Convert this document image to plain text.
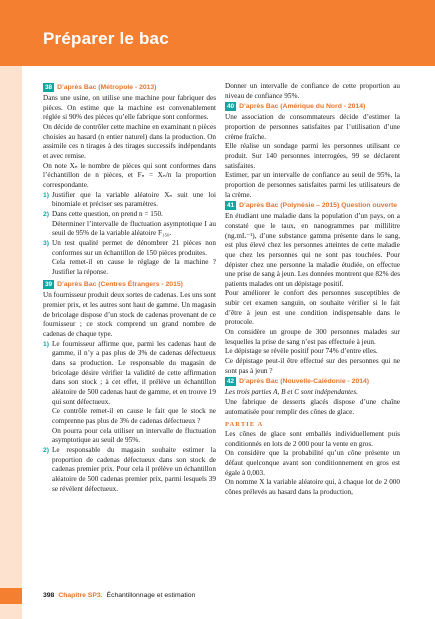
Préparer le bac
38 D’après Bac (Métropole - 2013)
Dans une usine, on utilise une machine pour fabriquer des pièces. On estime que la machine est convenablement réglée si 90% des pièces qu’elle fabrique sont conformes.
On décide de contrôler cette machine en examinant n pièces choisies au hasard (n entier naturel) dans la production. On assimile ces n tirages à des tirages successifs indépendants et avec remise.
On note Xₙ le nombre de pièces qui sont conformes dans l’échantillon de n pièces, et Fₙ = Xₙ/n la proportion correspondante.
1) Justifier que la variable aléatoire Xₙ suit une loi binomiale et préciser ses paramètres.
2) Dans cette question, on prend n = 150.
Déterminer l’intervalle de fluctuation asymptotique I au seuil de 95% de la variable aléatoire F₁₅₀.
3) Un test qualité permet de dénombrer 21 pièces non conformes sur un échantillon de 150 pièces produites.
Cela remet-il en cause le réglage de la machine ? Justifier la réponse.
39 D’après Bac (Centres Étrangers - 2015)
Un fournisseur produit deux sortes de cadenas. Les uns sont premier prix, et les autres sont haut de gamme. Un magasin de bricolage dispose d’un stock de cadenas provenant de ce fournisseur ; ce stock comprend un grand nombre de cadenas de chaque type.
1) Le fournisseur affirme que, parmi les cadenas haut de gamme, il n’y a pas plus de 3% de cadenas défectueux dans sa production. Le responsable du magasin de bricolage désire vérifier la validité de cette affirmation dans son stock ; à cet effet, il prélève un échantillon aléatoire de 500 cadenas haut de gamme, et en trouve 19 qui sont défectueux.
Ce contrôle remet-il en cause le fait que le stock ne comprenne pas plus de 3% de cadenas défectueux ?
On pourra pour cela utiliser un intervalle de fluctuation asymptotique au seuil de 95%.
2) Le responsable du magasin souhaite estimer la proportion de cadenas défectueux dans son stock de cadenas premier prix. Pour cela il prélève un échantillon aléatoire de 500 cadenas premier prix, parmi lesquels 39 se révèlent défectueux.
Donner un intervalle de confiance de cette proportion au niveau de confiance 95%.
40 D’après Bac (Amérique du Nord - 2014)
Une association de consommateurs décide d’estimer la proportion de personnes satisfaites par l’utilisation d’une crème fraîche.
Elle réalise un sondage parmi les personnes utilisant ce produit. Sur 140 personnes interrogées, 99 se déclarent satisfaites.
Estimer, par un intervalle de confiance au seuil de 95%, la proportion de personnes satisfaites parmi les utilisateurs de la crème.
41 D’après Bac (Polynésie – 2015) Question ouverte
En étudiant une maladie dans la population d’un pays, on a constaté que le taux, en nanogrammes par millilitre (ng.mL⁻¹), d’une substance gamma présente dans le sang, est plus élevé chez les personnes atteintes de cette maladie que chez les personnes qui ne sont pas touchées. Pour dépister chez une personne la maladie étudiée, on effectue une prise de sang à jeun. Les données montrent que 82% des patients malades ont un dépistage positif.
Pour améliorer le confort des personnes susceptibles de subir cet examen sanguin, on souhaite vérifier si le fait d’être à jeun est une condition indispensable dans le protocole.
On considère un groupe de 300 personnes malades sur lesquelles la prise de sang n’est pas effectuée à jeun.
Le dépistage se révèle positif pour 74% d’entre elles.
Ce dépistage peut-il être effectué sur des personnes qui ne sont pas à jeun ?
42 D’après Bac (Nouvelle-Calédonie - 2014)
Les trois parties A, B et C sont indépendantes.
Une fabrique de desserts glacés dispose d’une chaîne automatisée pour remplir des cônes de glace.
PARTIE A
Les cônes de glace sont emballés individuellement puis conditionnés en lots de 2 000 pour la vente en gros.
On considère que la probabilité qu’un cône présente un défaut quelconque avant son conditionnement en gros est égale à 0,003.
On nomme X la variable aléatoire qui, à chaque lot de 2 000 cônes prélevés au hasard dans la production,
398 Chapitre SP3. Échantillonnage et estimation
